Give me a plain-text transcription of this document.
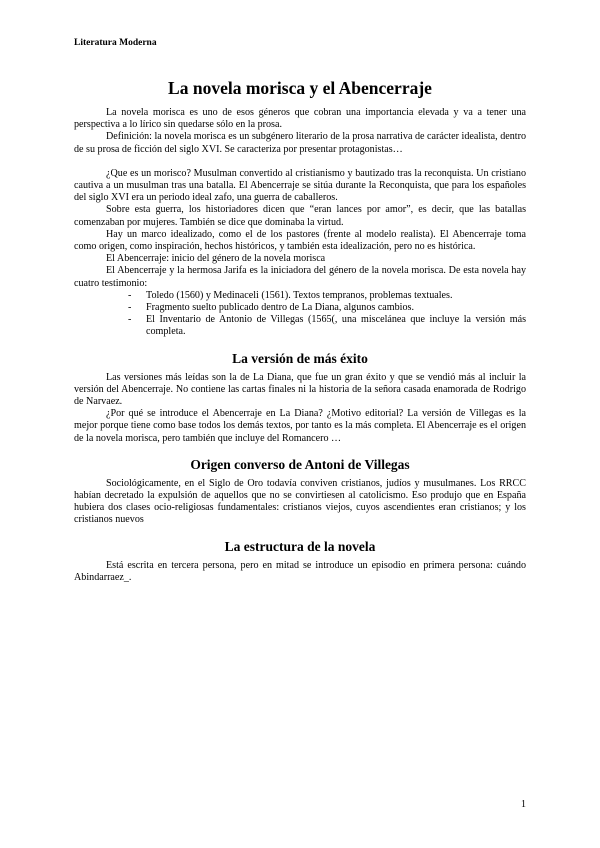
Literatura Moderna
La novela morisca y el Abencerraje

La novela morisca es uno de esos géneros que cobran una importancia elevada y va a tener una perspectiva a lo lírico sin quedarse sólo en la prosa.

Definición: la novela morisca es un subgénero literario de la prosa narrativa de carácter idealista, dentro de su prosa de ficción del siglo XVI. Se caracteriza por presentar protagonistas…

¿Que es un morisco? Musulman convertido al cristianismo y bautizado tras la reconquista. Un cristiano cautiva a un musulman tras una batalla. El Abencerraje se sitúa durante la Reconquista, que para los españoles del siglo XVI era un periodo ideal zafo, una guerra de caballeros.

Sobre esta guerra, los historiadores dicen que “eran lances por amor”, es decir, que las batallas comenzaban por mujeres. También se dice que dominaba la virtud.

Hay un marco idealizado, como el de los pastores (frente al modelo realista). El Abencerraje toma como origen, como inspiración, hechos históricos, y también esta idealización, pero no es histórica.

El Abencerraje: inicio del género de la novela morisca

El Abencerraje y la hermosa Jarifa es la iniciadora del género de la novela morisca. De esta novela hay cuatro testimonio:

- Toledo (1560) y Medinaceli (1561). Textos tempranos, problemas textuales.
- Fragmento suelto publicado dentro de La Diana, algunos cambios.
- El Inventario de Antonio de Villegas (1565(, una miscelánea que incluye la versión más completa.
La versión de más éxito

Las versiones más leídas son la de La Diana, que fue un gran éxito y que se vendió más al incluir la versión del Abencerraje. No contiene las cartas finales ni la historia de la señora casada enamorada de Rodrigo de Narvaez.

¿Por qué se introduce el Abencerraje en La Diana? ¿Motivo editorial? La versión de Villegas es la mejor porque tiene como base todos los demás textos, por tanto es la más completa. El Abencerraje es el origen de la novela morisca, pero también que incluye del Romancero …

Origen converso de Antoni de Villegas

Sociológicamente, en el Siglo de Oro todavía conviven cristianos, judíos y musulmanes. Los RRCC habían decretado la expulsión de aquellos que no se convirtiesen al catolicismo. Eso produjo que en España hubiera dos clases ocio-religiosas fundamentales: cristianos viejos, cuyos ascendientes eran cristianos; y los cristianos nuevos

La estructura de la novela

Está escrita en tercera persona, pero en mitad se introduce un episodio en primera persona: cuándo Abindarraez_.

1
